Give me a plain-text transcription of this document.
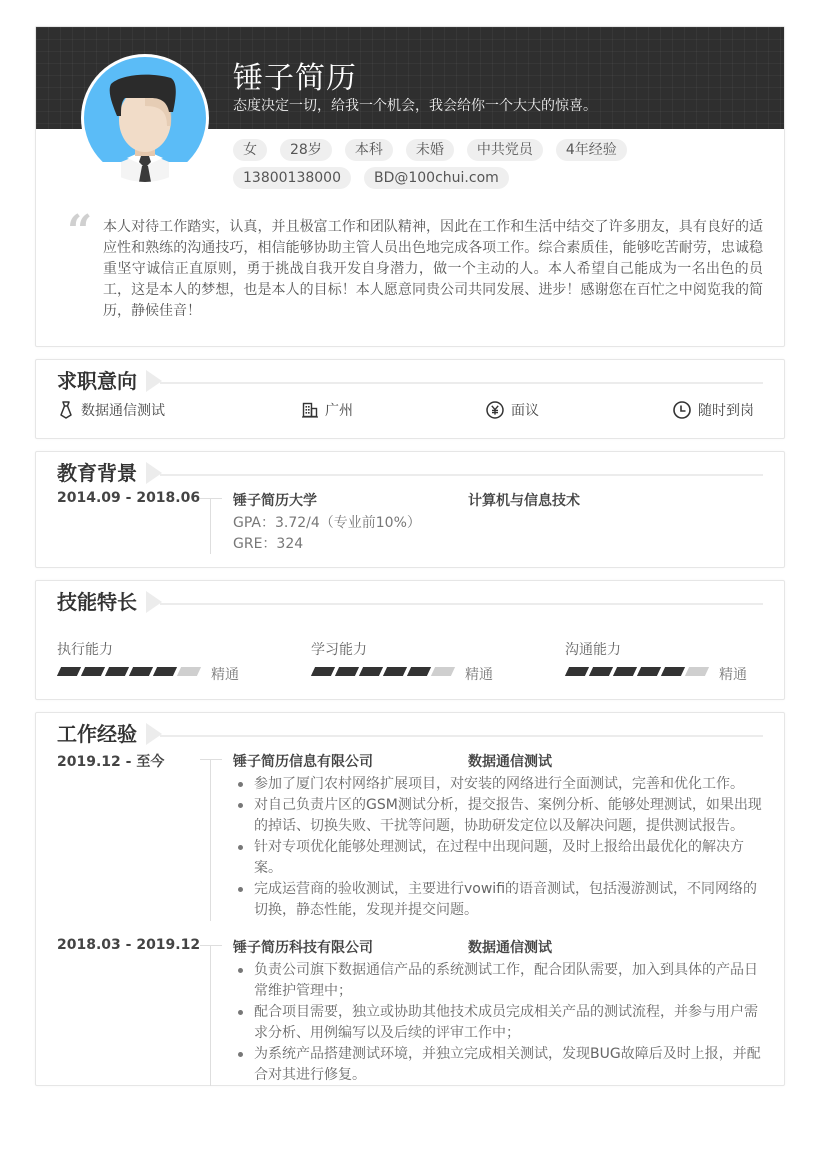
锤子简历
态度决定一切，给我一个机会，我会给你一个大大的惊喜。
女	28岁	本科	未婚	中共党员	4年经验
13800138000	BD@100chui.com
“ 本人对待工作踏实，认真，并且极富工作和团队精神，因此在工作和生活中结交了许多朋友，具有良好的适应性和熟练的沟通技巧，相信能够协助主管人员出色地完成各项工作。综合素质佳，能够吃苦耐劳，忠诚稳重坚守诚信正直原则，勇于挑战自我开发自身潜力，做一个主动的人。本人希望自己能成为一名出色的员工，这是本人的梦想，也是本人的目标！本人愿意同贵公司共同发展、进步！感谢您在百忙之中阅览我的简历，静候佳音！
求职意向
数据通信测试	广州	面议	随时到岗
教育背景
2014.09 - 2018.06 锤子简历大学	计算机与信息技术
GPA：3.72/4（专业前10%）
GRE：324
技能特长
执行能力
精通
学习能力
精通
沟通能力
精通
工作经验
2019.12 - 至今	锤子简历信息有限公司	数据通信测试
参加了厦门农村网络扩展项目，对安装的网络进行全面测试，完善和优化工作。
对自己负责片区的GSM测试分析，提交报告、案例分析、能够处理测试，如果出现的掉话、切换失败、干扰等问题，协助研发定位以及解决问题，提供测试报告。
针对专项优化能够处理测试，在过程中出现问题，及时上报给出最优化的解决方案。
完成运营商的验收测试，主要进行vowifi的语音测试，包括漫游测试，不同网络的切换，静态性能，发现并提交问题。
2018.03 - 2019.12 锤子简历科技有限公司	数据通信测试
负责公司旗下数据通信产品的系统测试工作，配合团队需要，加入到具体的产品日常维护管理中；
配合项目需要，独立或协助其他技术成员完成相关产品的测试流程，并参与用户需求分析、用例编写以及后续的评审工作中；
为系统产品搭建测试环境，并独立完成相关测试，发现BUG故障后及时上报，并配合对其进行修复。
